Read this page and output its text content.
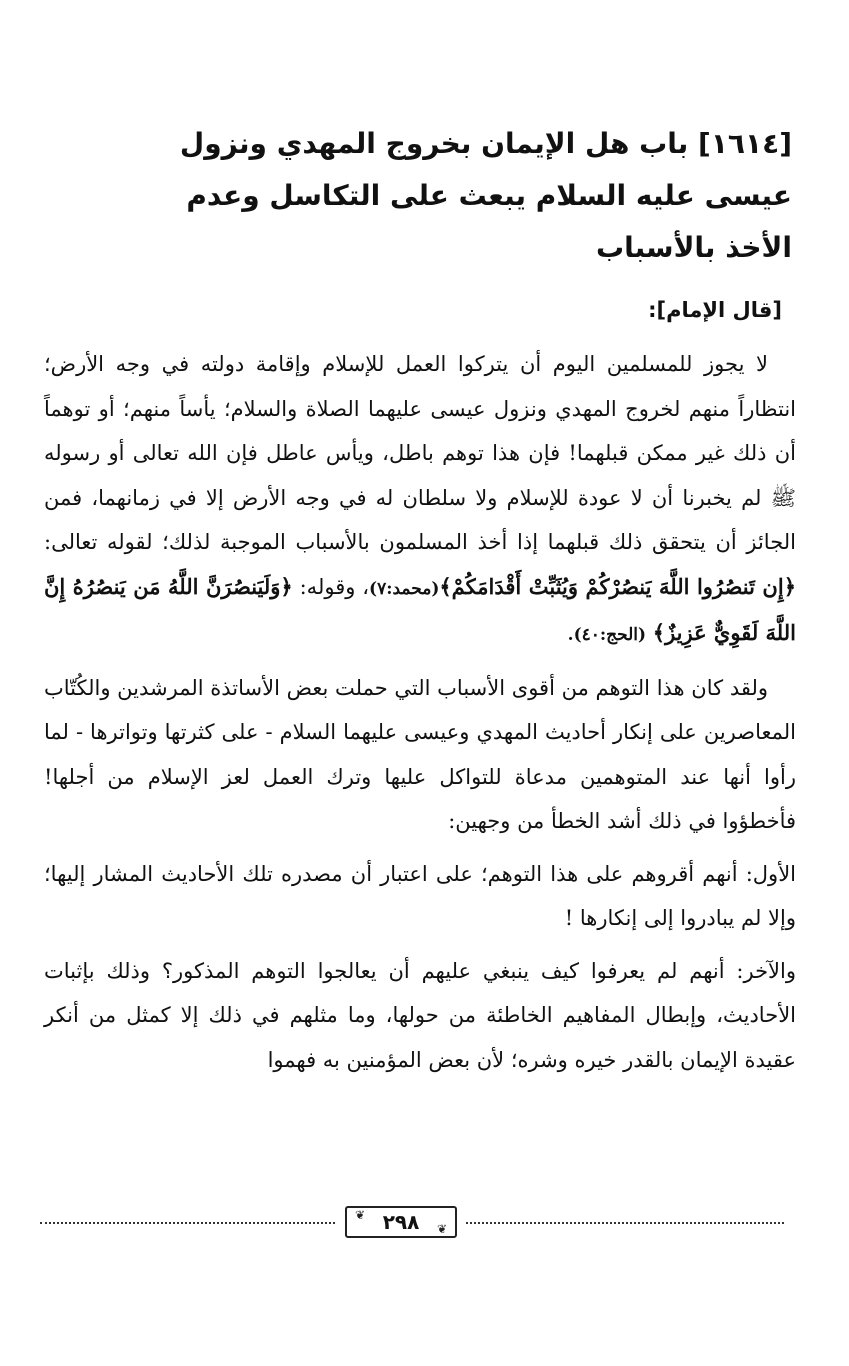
[١٦١٤] باب هل الإيمان بخروج المهدي ونزول عيسى عليه السلام يبعث على التكاسل وعدم الأخذ بالأسباب
[قال الإمام]:

لا يجوز للمسلمين اليوم أن يتركوا العمل للإسلام وإقامة دولته في وجه الأرض؛ انتظاراً منهم لخروج المهدي ونزول عيسى عليهما الصلاة والسلام؛ يأساً منهم؛ أو توهماً أن ذلك غير ممكن قبلهما! فإن هذا توهم باطل، ويأس عاطل فإن الله تعالى أو رسوله ﷺ لم يخبرنا أن لا عودة للإسلام ولا سلطان له في وجه الأرض إلا في زمانهما، فمن الجائز أن يتحقق ذلك قبلهما إذا أخذ المسلمون بالأسباب الموجبة لذلك؛ لقوله تعالى: ﴿إِن تَنصُرُوا اللَّهَ يَنصُرْكُمْ وَيُثَبِّتْ أَقْدَامَكُمْ﴾(محمد:٧)، وقوله: ﴿وَلَيَنصُرَنَّ اللَّهُ مَن يَنصُرُهُ إِنَّ اللَّهَ لَقَوِيٌّ عَزِيزٌ﴾ (الحج:٤٠).

ولقد كان هذا التوهم من أقوى الأسباب التي حملت بعض الأساتذة المرشدين والكُتّاب المعاصرين على إنكار أحاديث المهدي وعيسى عليهما السلام - على كثرتها وتواترها - لما رأوا أنها عند المتوهمين مدعاة للتواكل عليها وترك العمل لعز الإسلام من أجلها! فأخطؤوا في ذلك أشد الخطأ من وجهين:

الأول: أنهم أقروهم على هذا التوهم؛ على اعتبار أن مصدره تلك الأحاديث المشار إليها؛ وإلا لم يبادروا إلى إنكارها !

والآخر: أنهم لم يعرفوا كيف ينبغي عليهم أن يعالجوا التوهم المذكور؟ وذلك بإثبات الأحاديث، وإبطال المفاهيم الخاطئة من حولها، وما مثلهم في ذلك إلا كمثل من أنكر عقيدة الإيمان بالقدر خيره وشره؛ لأن بعض المؤمنين به فهموا

❦
❦
٢٩٨
